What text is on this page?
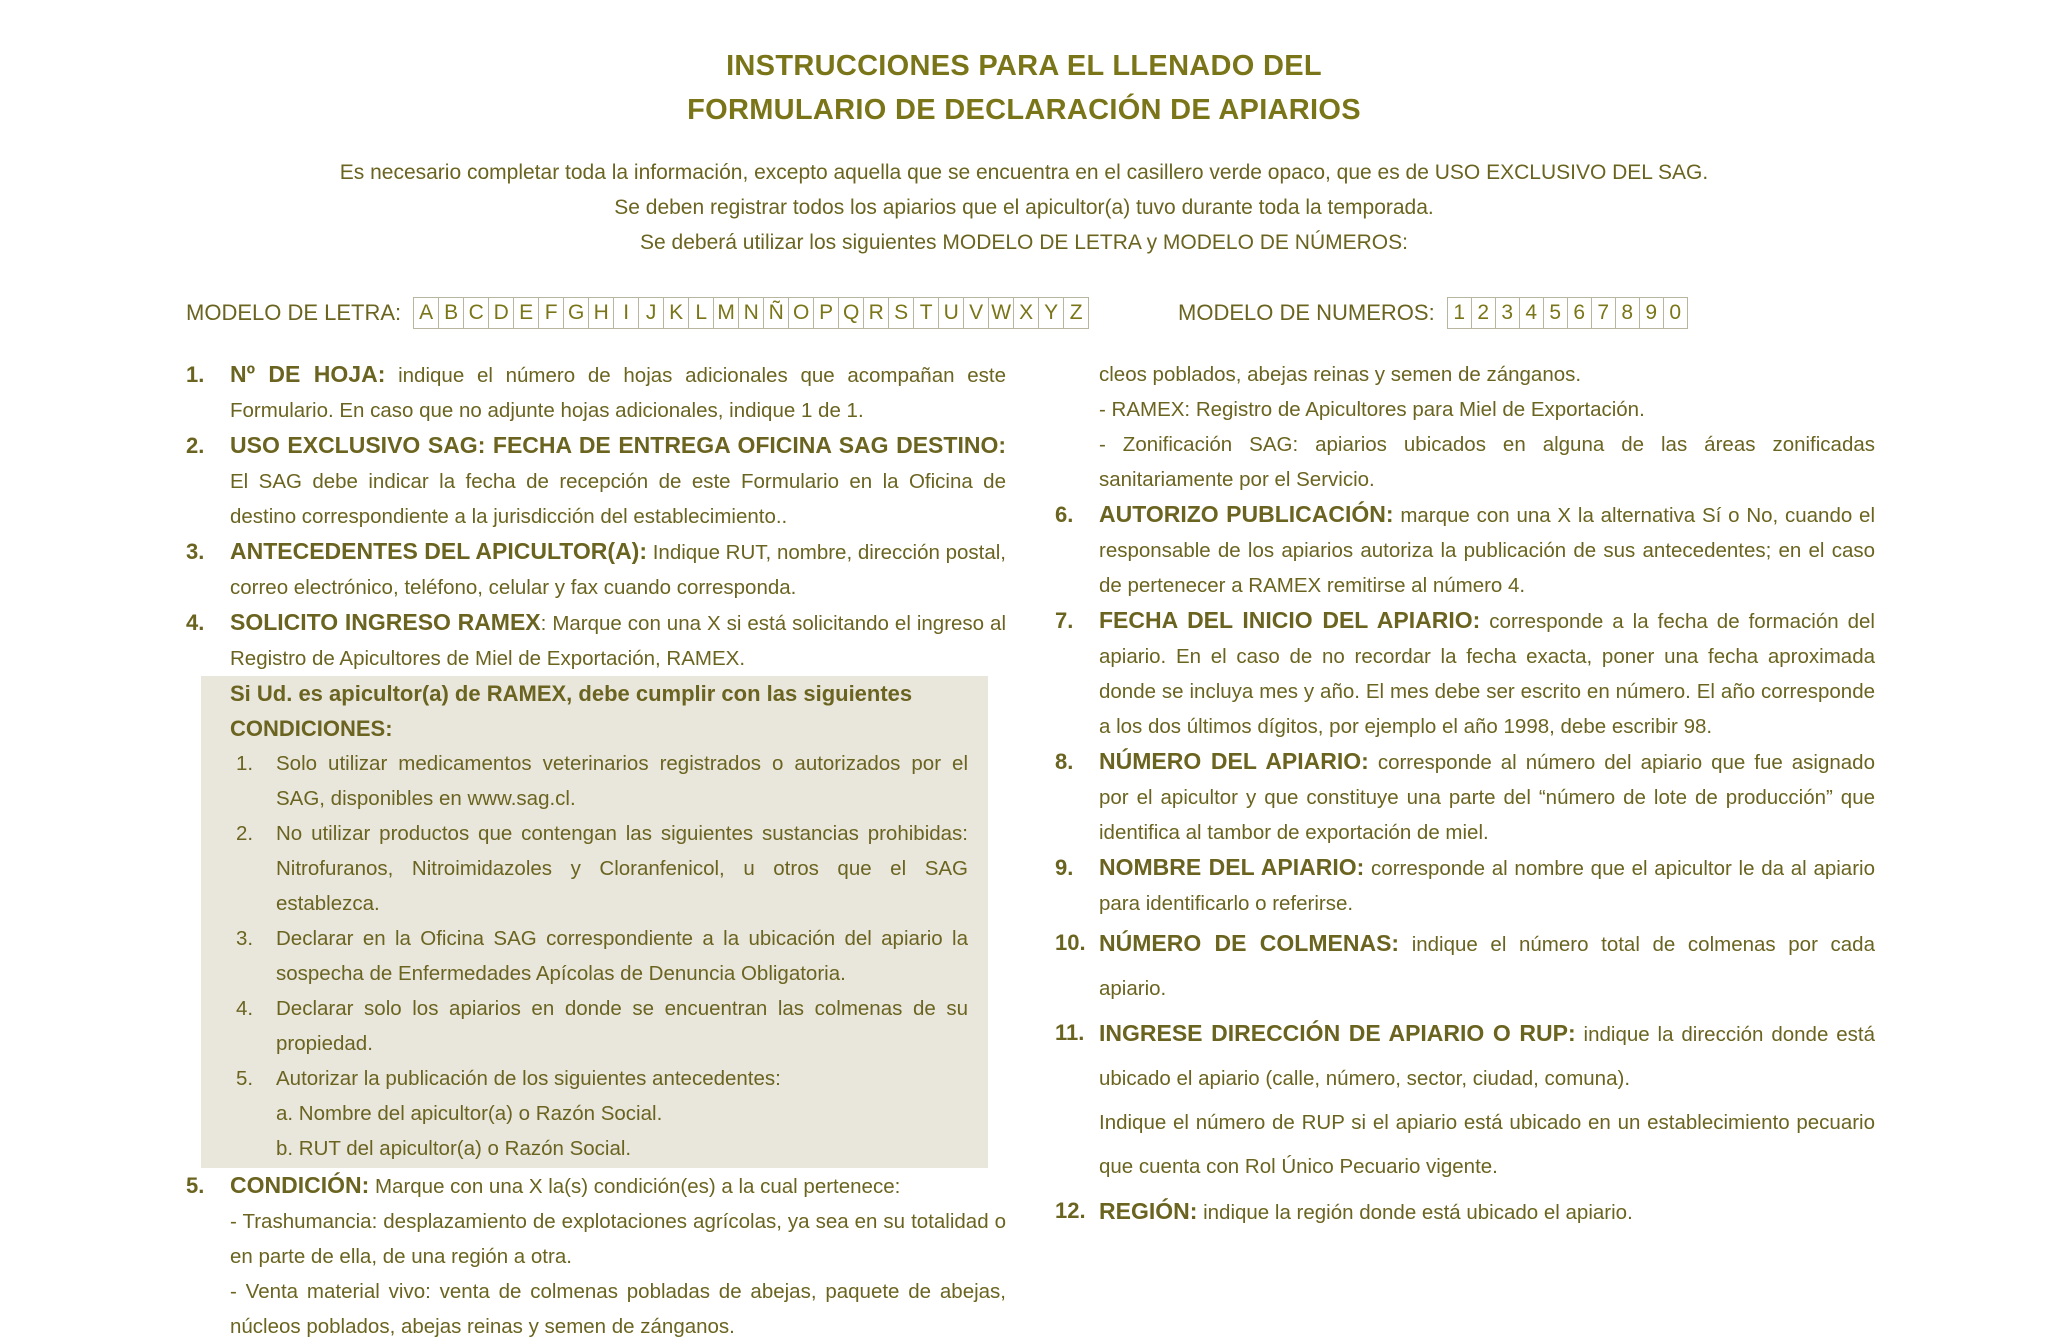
INSTRUCCIONES PARA EL LLENADO DEL
FORMULARIO DE DECLARACIÓN DE APIARIOS
Es necesario completar toda la información, excepto aquella que se encuentra en el casillero verde opaco, que es de USO EXCLUSIVO DEL SAG.
Se deben registrar todos los apiarios que el apicultor(a) tuvo durante toda la temporada.
Se deberá utilizar los siguientes MODELO DE LETRA y MODELO DE NÚMEROS:
MODELO DE LETRA: A B C D E F G H I J K L M N Ñ O P Q R S T U V W X Y Z	MODELO DE NUMEROS: 1 2 3 4 5 6 7 8 9 0
1. Nº DE HOJA: indique el número de hojas adicionales que acompañan este Formulario. En caso que no adjunte hojas adicionales, indique 1 de 1.
2. USO EXCLUSIVO SAG: FECHA DE ENTREGA OFICINA SAG DESTINO: El SAG debe indicar la fecha de recepción de este Formulario en la Oficina de destino correspondiente a la jurisdicción del establecimiento..
3. ANTECEDENTES DEL APICULTOR(A): Indique RUT, nombre, dirección postal, correo electrónico, teléfono, celular y fax cuando corresponda.
4. SOLICITO INGRESO RAMEX: Marque con una X si está solicitando el ingreso al Registro de Apicultores de Miel de Exportación, RAMEX.
Si Ud. es apicultor(a) de RAMEX, debe cumplir con las siguientes CONDICIONES:
1. Solo utilizar medicamentos veterinarios registrados o autorizados por el SAG, disponibles en www.sag.cl.
2. No utilizar productos que contengan las siguientes sustancias prohibidas: Nitrofuranos, Nitroimidazoles y Cloranfenicol, u otros que el SAG establezca.
3. Declarar en la Oficina SAG correspondiente a la ubicación del apiario la sospecha de Enfermedades Apícolas de Denuncia Obligatoria.
4. Declarar solo los apiarios en donde se encuentran las colmenas de su propiedad.
5. Autorizar la publicación de los siguientes antecedentes:
a. Nombre del apicultor(a) o Razón Social.
b. RUT del apicultor(a) o Razón Social.
5. CONDICIÓN: Marque con una X la(s) condición(es) a la cual pertenece:

- Trashumancia: desplazamiento de explotaciones agrícolas, ya sea en su totalidad o en parte de ella, de una región a otra.

- Venta material vivo: venta de colmenas pobladas de abejas, paquete de abejas, núcleos poblados, abejas reinas y semen de zánganos.

cleos poblados, abejas reinas y semen de zánganos.

- RAMEX: Registro de Apicultores para Miel de Exportación.

- Zonificación SAG: apiarios ubicados en alguna de las áreas zonificadas sanitariamente por el Servicio.

6. AUTORIZO PUBLICACIÓN: marque con una X la alternativa Sí o No, cuando el responsable de los apiarios autoriza la publicación de sus antecedentes; en el caso de pertenecer a RAMEX remitirse al número 4.
7. FECHA DEL INICIO DEL APIARIO: corresponde a la fecha de formación del apiario. En el caso de no recordar la fecha exacta, poner una fecha aproximada donde se incluya mes y año. El mes debe ser escrito en número. El año corresponde a los dos últimos dígitos, por ejemplo el año 1998, debe escribir 98.
8. NÚMERO DEL APIARIO: corresponde al número del apiario que fue asignado por el apicultor y que constituye una parte del “número de lote de producción” que identifica al tambor de exportación de miel.
9. NOMBRE DEL APIARIO: corresponde al nombre que el apicultor le da al apiario para identificarlo o referirse.
10. NÚMERO DE COLMENAS: indique el número total de colmenas por cada apiario.
11. INGRESE DIRECCIÓN DE APIARIO O RUP: indique la dirección donde está ubicado el apiario (calle, número, sector, ciudad, comuna).

Indique el número de RUP si el apiario está ubicado en un establecimiento pecuario que cuenta con Rol Único Pecuario vigente.

12. REGIÓN: indique la región donde está ubicado el apiario.
